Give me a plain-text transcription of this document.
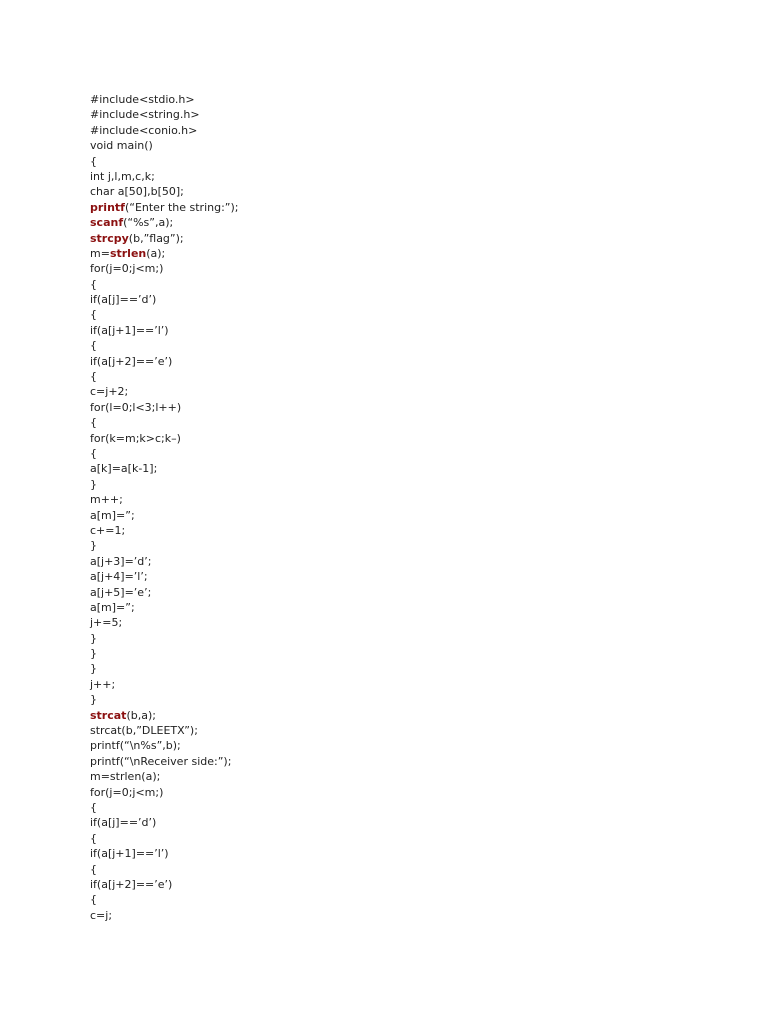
#include<stdio.h>
#include<string.h>
#include<conio.h>
void main()
{
int j,l,m,c,k;
char a[50],b[50];
printf(“Enter the string:”);
scanf(“%s”,a);
strcpy(b,”flag”);
m=strlen(a);
for(j=0;j<m;)
{
if(a[j]==’d’)
{
if(a[j+1]==’l’)
{
if(a[j+2]==’e’)
{
c=j+2;
for(l=0;l<3;l++)
{
for(k=m;k>c;k–)
{
a[k]=a[k-1];
}
m++;
a[m]=”;
c+=1;
}
a[j+3]=’d’;
a[j+4]=’l’;
a[j+5]=’e’;
a[m]=”;
j+=5;
}
}
}
j++;
}
strcat(b,a);
strcat(b,”DLEETX”);
printf(“\n%s”,b);
printf(“\nReceiver side:”);
m=strlen(a);
for(j=0;j<m;)
{
if(a[j]==’d’)
{
if(a[j+1]==’l’)
{
if(a[j+2]==’e’)
{
c=j;
